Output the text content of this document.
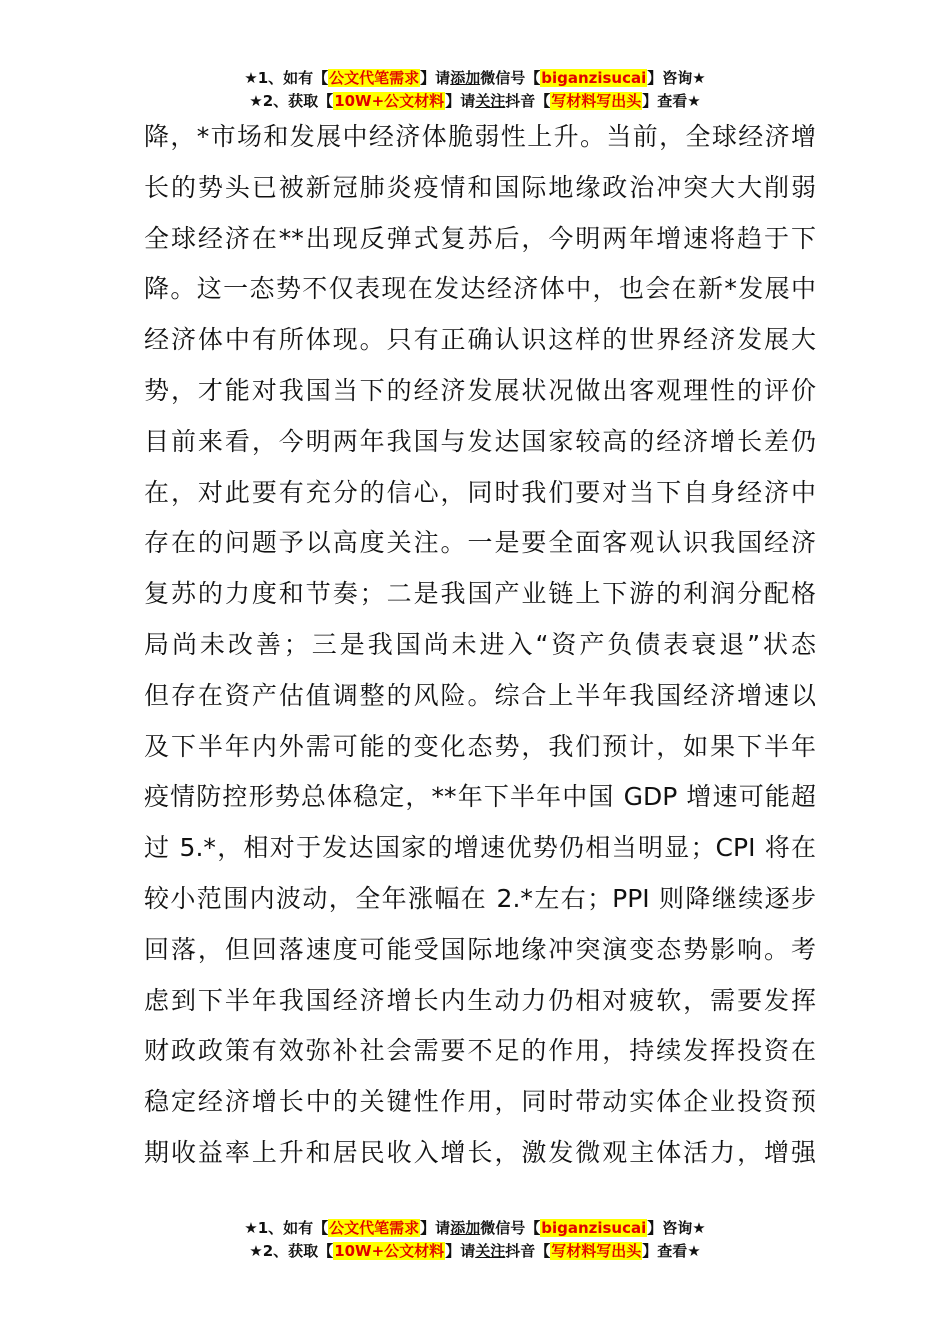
★1、如有【公文代笔需求】请添加微信号【biganzisucai】咨询★
★2、获取【10W+公文材料】请关注抖音【写材料写出头】查看★
降，*市场和发展中经济体脆弱性上升。当前，全球经济增
长的势头已被新冠肺炎疫情和国际地缘政治冲突大大削弱
全球经济在**出现反弹式复苏后，今明两年增速将趋于下
降。这一态势不仅表现在发达经济体中，也会在新*发展中
经济体中有所体现。只有正确认识这样的世界经济发展大
势，才能对我国当下的经济发展状况做出客观理性的评价
目前来看，今明两年我国与发达国家较高的经济增长差仍
在，对此要有充分的信心，同时我们要对当下自身经济中
存在的问题予以高度关注。一是要全面客观认识我国经济
复苏的力度和节奏；二是我国产业链上下游的利润分配格
局尚未改善；三是我国尚未进入“资产负债表衰退”状态
但存在资产估值调整的风险。综合上半年我国经济增速以
及下半年内外需可能的变化态势，我们预计，如果下半年
疫情防控形势总体稳定，**年下半年中国 GDP 增速可能超
过 5.*，相对于发达国家的增速优势仍相当明显；CPI 将在
较小范围内波动，全年涨幅在 2.*左右；PPI 则降继续逐步
回落，但回落速度可能受国际地缘冲突演变态势影响。考
虑到下半年我国经济增长内生动力仍相对疲软，需要发挥
财政政策有效弥补社会需要不足的作用，持续发挥投资在
稳定经济增长中的关键性作用，同时带动实体企业投资预
期收益率上升和居民收入增长，激发微观主体活力，增强
★1、如有【公文代笔需求】请添加微信号【biganzisucai】咨询★
★2、获取【10W+公文材料】请关注抖音【写材料写出头】查看★
